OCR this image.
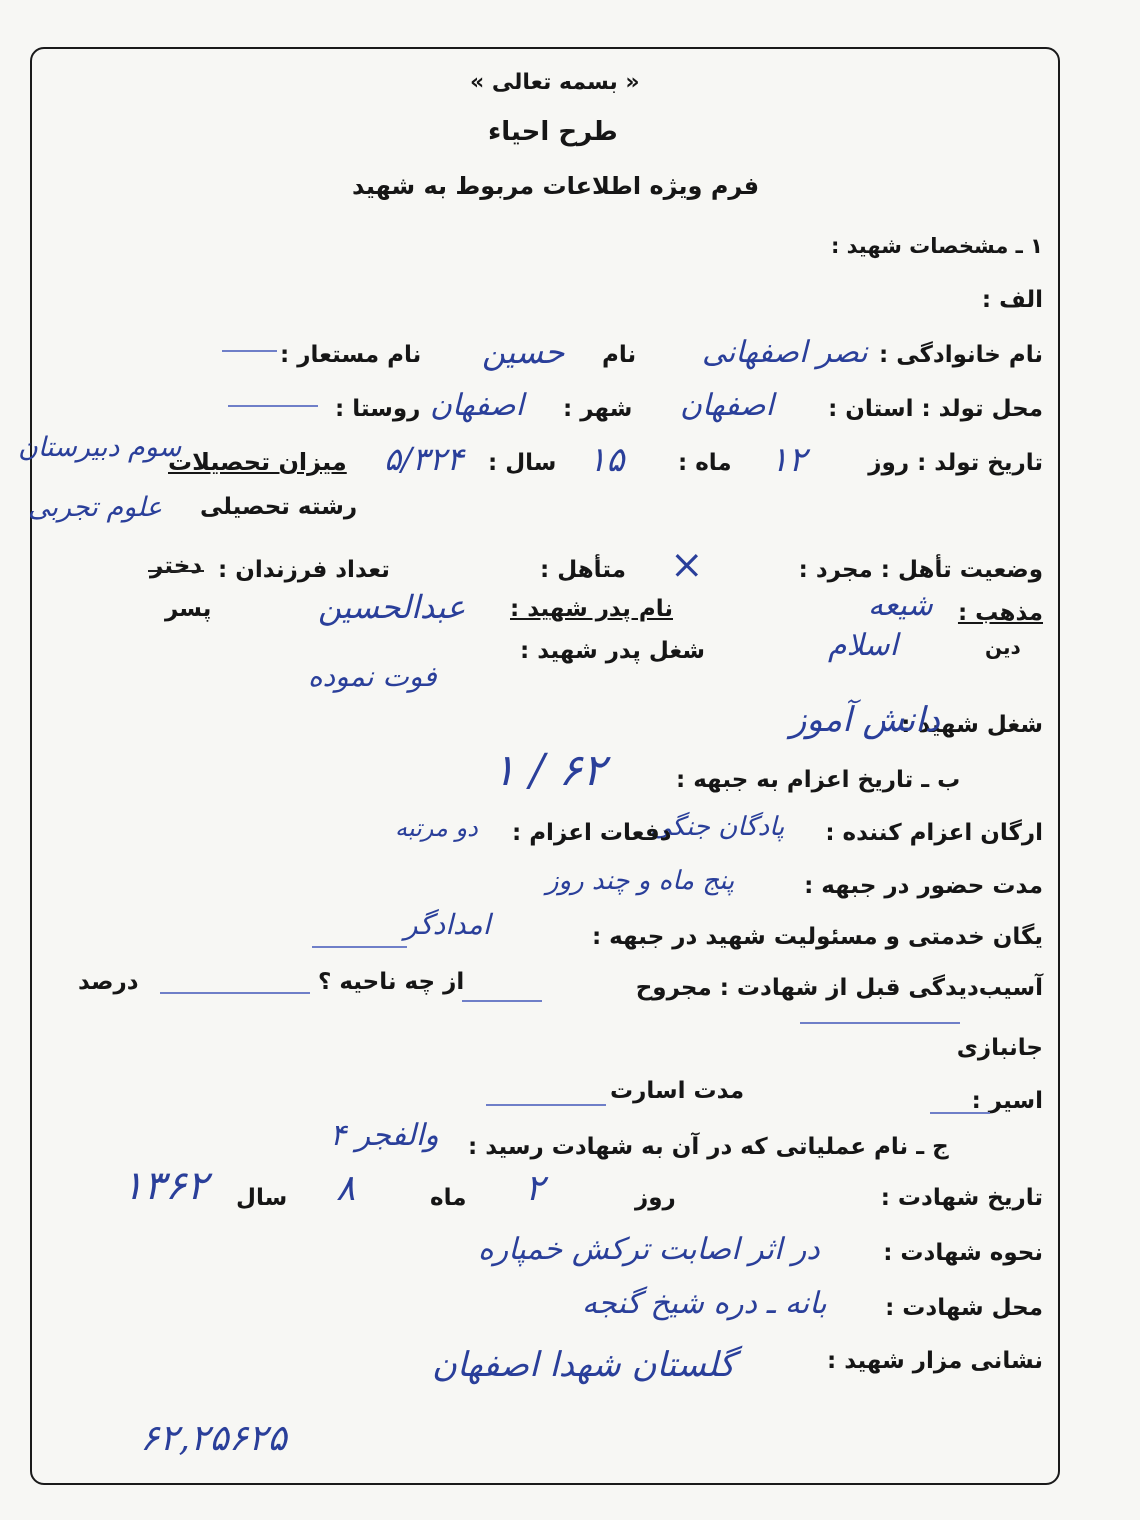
« بسمه تعالی »
طرح احیاء
فرم ویژه اطلاعات مربوط به شهید
۱ ـ مشخصات شهید :
الف :
نام خانوادگی :
نصر اصفهانی
نام
حسین
نام مستعار :
محل تولد : استان :
اصفهان
شهر :
اصفهان
روستا :
تاریخ تولد : روز
۱۲
ماه :
۱۵
سال :
۵/۳۲۴
میزان تحصیلات
سوم دبیرستان
رشته تحصیلی
علوم تجربی
وضعیت تأهل : مجرد :
متأهل : ×
تعداد فرزندان :
دختر
پسر	مذهب :
شیعه
نام پدر شهید :
عبدالحسین
دین
اسلام
شغل پدر شهید :
فوت نموده
شغل شهید :
دانش آموز
ب ـ تاریخ اعزام به جبهه :
۶۲ / ۱
ارگان اعزام کننده :
پادگان جنگی
دفعات اعزام :
دو مرتبه
مدت حضور در جبهه :
پنج ماه و چند روز
یگان خدمتی و مسئولیت شهید در جبهه :
امدادگر
آسیب‌دیدگی قبل از شهادت : مجروح
از چه ناحیه ؟
درصد
جانبازی
اسیر :
مدت اسارت
ج ـ نام عملیاتی که در آن به شهادت رسید :
والفجر ۴
تاریخ شهادت :
روز
۲
ماه
۸
سال
۱۳۶۲
نحوه شهادت :
در اثر اصابت ترکش خمپاره
محل شهادت :
بانه ـ دره شیخ گنجه
نشانی مزار شهید :
گلستان شهدا اصفهان
۶۲,۲۵۶۲۵
